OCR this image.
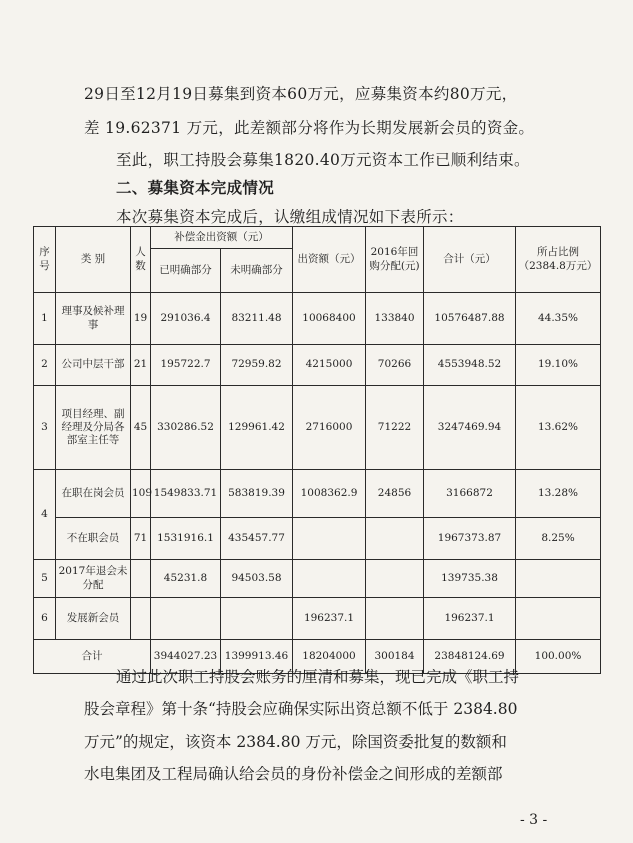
29日至12月19日募集到资本60万元，应募集资本约80万元，
差 19.62371 万元，此差额部分将作为长期发展新会员的资金。
至此，职工持股会募集1820.40万元资本工作已顺利结束。
二、募集资本完成情况
本次募集资本完成后，认缴组成情况如下表所示：
序号	类 别	人数	补偿金出资额（元）		出资额（元）	2016年回购分配(元)	合计（元）	所占比例（2384.8万元）
			已明确部分	未明确部分				
1	理事及候补理事	19	291036.4	83211.48	10068400	133840	10576487.88	44.35%
2	公司中层干部	21	195722.7	72959.82	4215000	70266	4553948.52	19.10%
3	项目经理、副经理及分局各部室主任等	45	330286.52	129961.42	2716000	71222	3247469.94	13.62%
4	在职在岗会员	109	1549833.71	583819.39	1008362.9	24856	3166872	13.28%
	不在职会员	71	1531916.1	435457.77			1967373.87	8.25%
5	2017年退会未分配		45231.8	94503.58			139735.38	
6	发展新会员				196237.1		196237.1	
合计			3944027.23	1399913.46	18204000	300184	23848124.69	100.00%
通过此次职工持股会账务的厘清和募集，现已完成《职工持
股会章程》第十条“持股会应确保实际出资总额不低于 2384.80
万元”的规定，该资本 2384.80 万元，除国资委批复的数额和
水电集团及工程局确认给会员的身份补偿金之间形成的差额部
- 3 -
